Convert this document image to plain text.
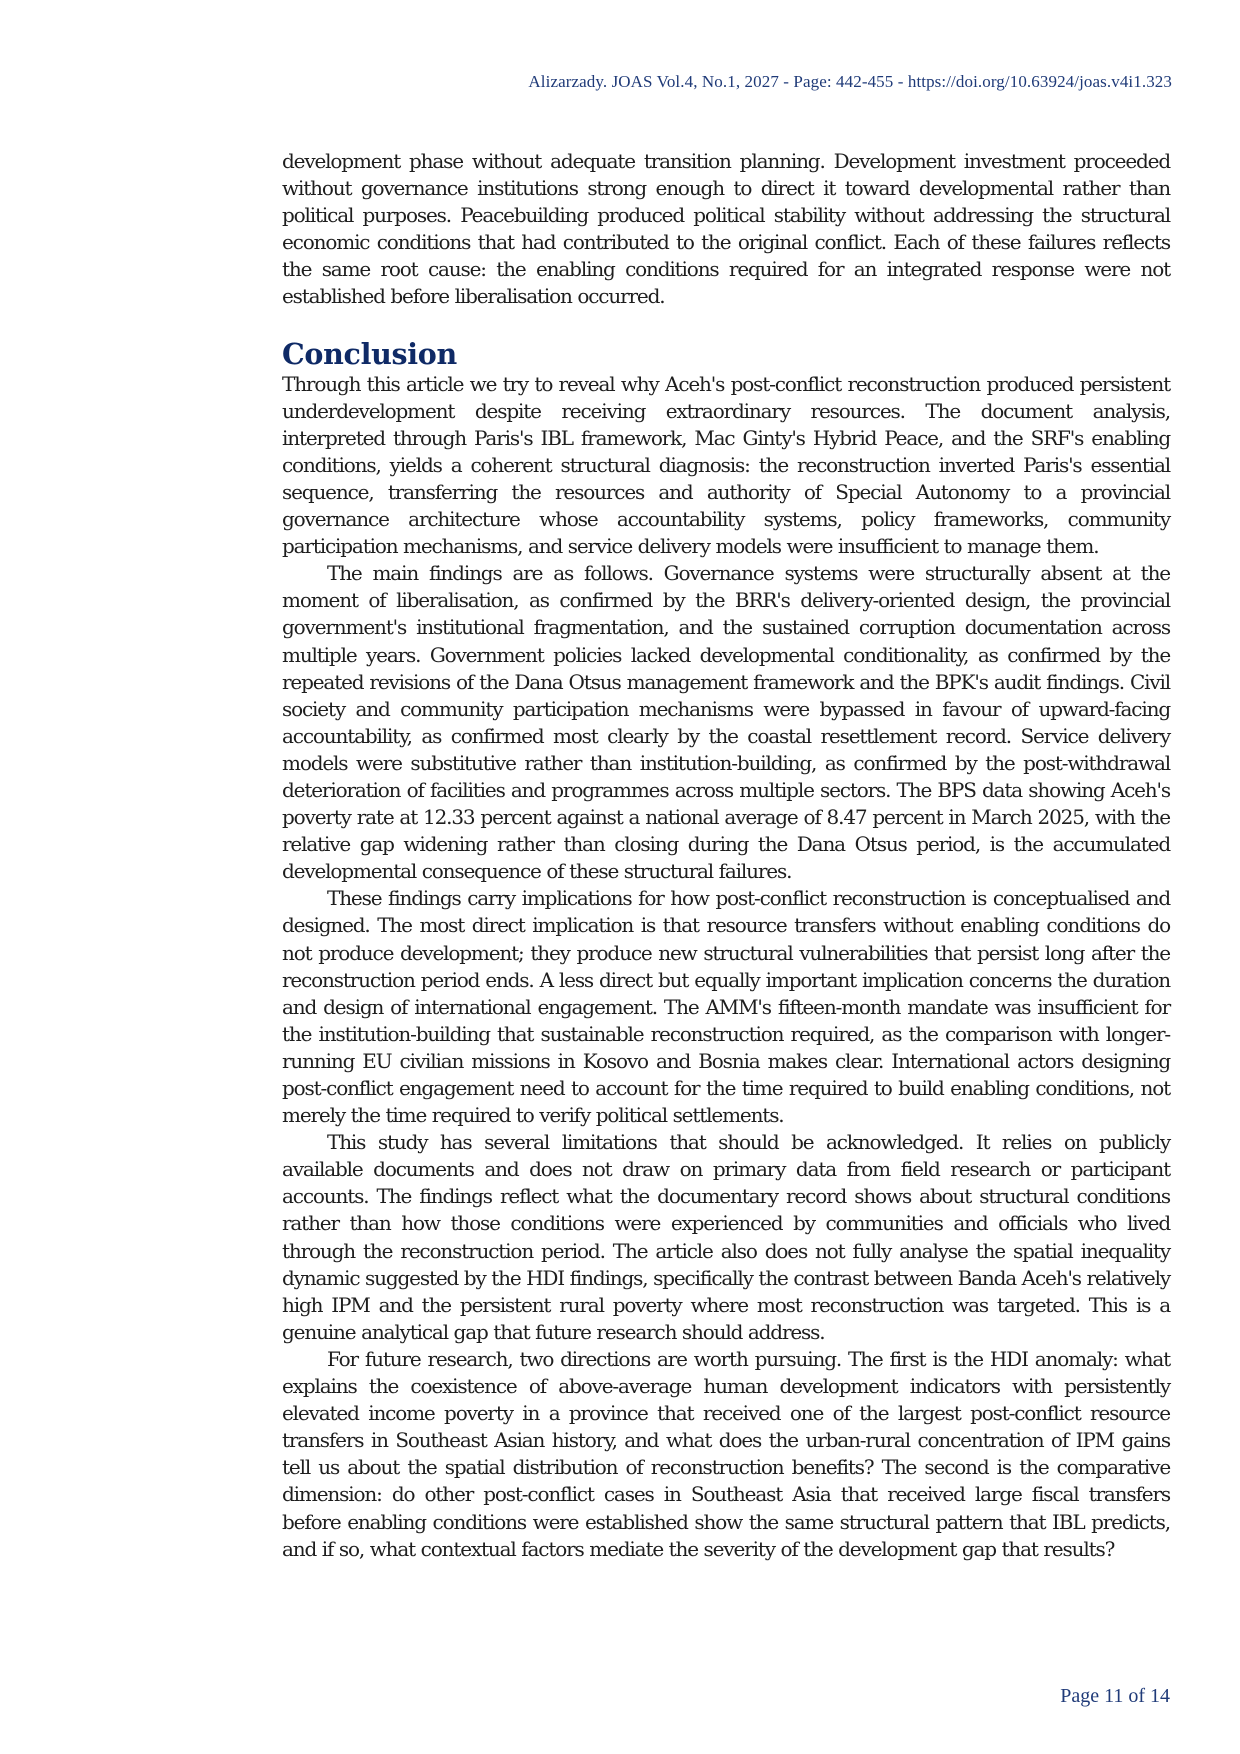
Alizarzady. JOAS Vol.4, No.1, 2027 - Page: 442-455 - https://doi.org/10.63924/joas.v4i1.323

development phase without adequate transition planning. Development investment proceeded without governance institutions strong enough to direct it toward developmental rather than political purposes. Peacebuilding produced political stability without addressing the structural economic conditions that had contributed to the original conflict. Each of these failures reflects the same root cause: the enabling conditions required for an integrated response were not established before liberalisation occurred.

Conclusion

Through this article we try to reveal why Aceh's post-conflict reconstruction produced persistent underdevelopment despite receiving extraordinary resources. The document analysis, interpreted through Paris's IBL framework, Mac Ginty's Hybrid Peace, and the SRF's enabling conditions, yields a coherent structural diagnosis: the reconstruction inverted Paris's essential sequence, transferring the resources and authority of Special Autonomy to a provincial governance architecture whose accountability systems, policy frameworks, community participation mechanisms, and service delivery models were insufficient to manage them.

The main findings are as follows. Governance systems were structurally absent at the moment of liberalisation, as confirmed by the BRR's delivery-oriented design, the provincial government's institutional fragmentation, and the sustained corruption documentation across multiple years. Government policies lacked developmental conditionality, as confirmed by the repeated revisions of the Dana Otsus management framework and the BPK's audit findings. Civil society and community participation mechanisms were bypassed in favour of upward-facing accountability, as confirmed most clearly by the coastal resettlement record. Service delivery models were substitutive rather than institution-building, as confirmed by the post-withdrawal deterioration of facilities and programmes across multiple sectors. The BPS data showing Aceh's poverty rate at 12.33 percent against a national average of 8.47 percent in March 2025, with the relative gap widening rather than closing during the Dana Otsus period, is the accumulated developmental consequence of these structural failures.

These findings carry implications for how post-conflict reconstruction is conceptualised and designed. The most direct implication is that resource transfers without enabling conditions do not produce development; they produce new structural vulnerabilities that persist long after the reconstruction period ends. A less direct but equally important implication concerns the duration and design of international engagement. The AMM's fifteen-month mandate was insufficient for the institution-building that sustainable reconstruction required, as the comparison with longer-running EU civilian missions in Kosovo and Bosnia makes clear. International actors designing post-conflict engagement need to account for the time required to build enabling conditions, not merely the time required to verify political settlements.

This study has several limitations that should be acknowledged. It relies on publicly available documents and does not draw on primary data from field research or participant accounts. The findings reflect what the documentary record shows about structural conditions rather than how those conditions were experienced by communities and officials who lived through the reconstruction period. The article also does not fully analyse the spatial inequality dynamic suggested by the HDI findings, specifically the contrast between Banda Aceh's relatively high IPM and the persistent rural poverty where most reconstruction was targeted. This is a genuine analytical gap that future research should address.

For future research, two directions are worth pursuing. The first is the HDI anomaly: what explains the coexistence of above-average human development indicators with persistently elevated income poverty in a province that received one of the largest post-conflict resource transfers in Southeast Asian history, and what does the urban-rural concentration of IPM gains tell us about the spatial distribution of reconstruction benefits? The second is the comparative dimension: do other post-conflict cases in Southeast Asia that received large fiscal transfers before enabling conditions were established show the same structural pattern that IBL predicts, and if so, what contextual factors mediate the severity of the development gap that results?

Page 11 of 14
